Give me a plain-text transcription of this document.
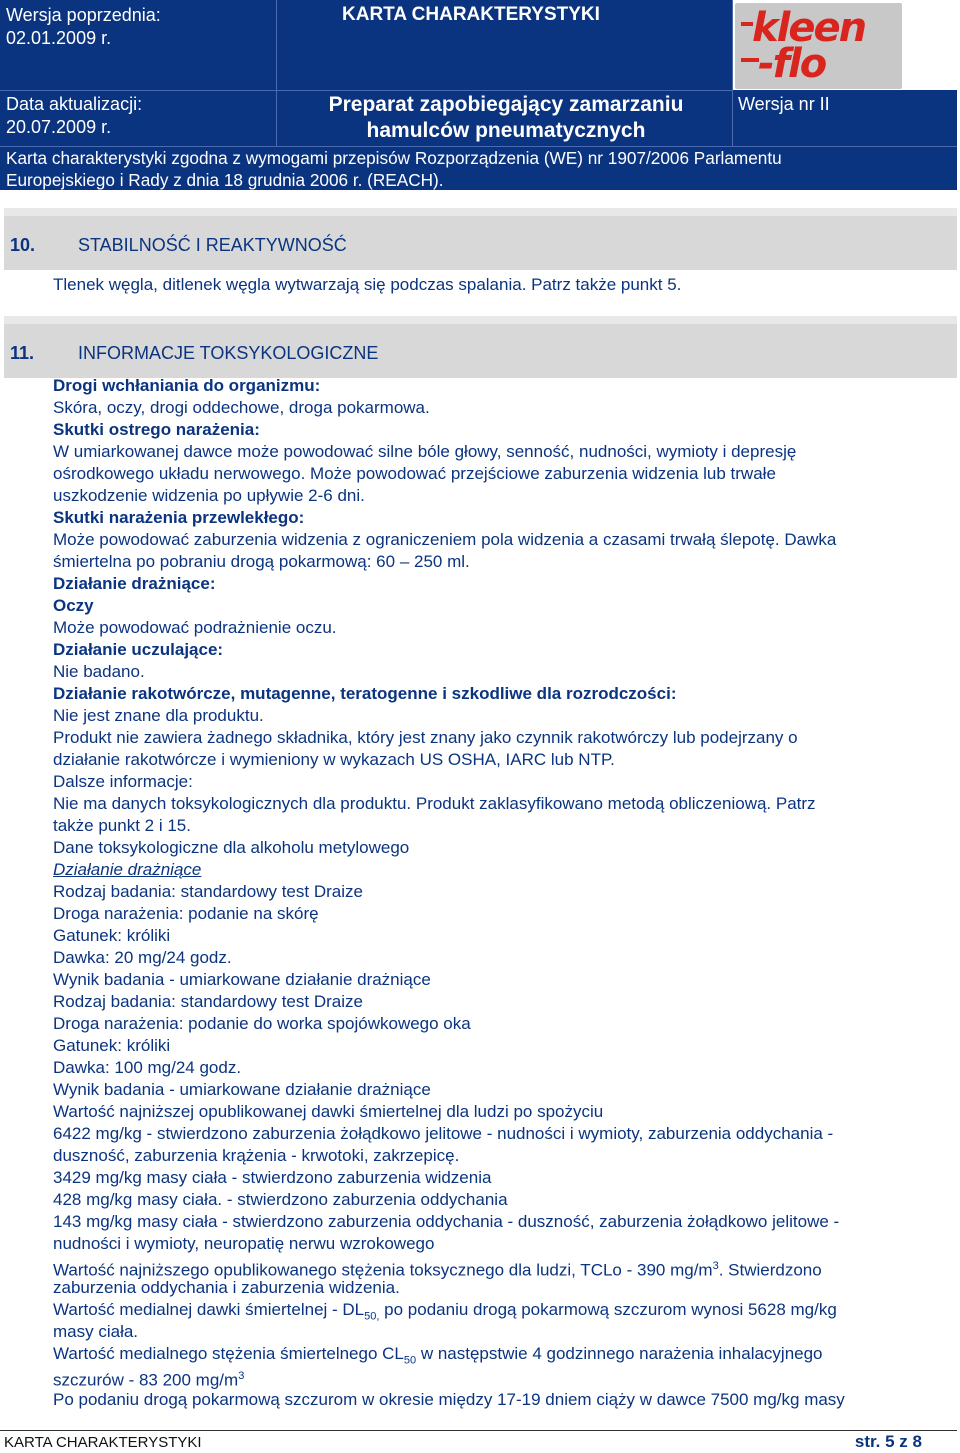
Wersja poprzednia:
02.01.2009 r.
KARTA CHARAKTERYSTYKI	kleen
-flo
Data aktualizacji:
20.07.2009 r.
Preparat zapobiegający zamarzaniu
hamulców pneumatycznych
Wersja nr II
Karta charakterystyki zgodna z wymogami przepisów Rozporządzenia (WE) nr 1907/2006 Parlamentu
Europejskiego i Rady z dnia 18 grudnia 2006 r. (REACH).
10. STABILNOŚĆ I REAKTYWNOŚĆ
Tlenek węgla, ditlenek węgla wytwarzają się podczas spalania. Patrz także punkt 5.
11. INFORMACJE TOKSYKOLOGICZNE
Drogi wchłaniania do organizmu:
Skóra, oczy, drogi oddechowe, droga pokarmowa.
Skutki ostrego narażenia:
W umiarkowanej dawce może powodować silne bóle głowy, senność, nudności, wymioty i depresję
ośrodkowego układu nerwowego. Może powodować przejściowe zaburzenia widzenia lub trwałe
uszkodzenie widzenia po upływie 2-6 dni.
Skutki narażenia przewlekłego:
Może powodować zaburzenia widzenia z ograniczeniem pola widzenia a czasami trwałą ślepotę. Dawka
śmiertelna po pobraniu drogą pokarmową: 60 – 250 ml.
Działanie drażniące:
Oczy
Może powodować podrażnienie oczu.
Działanie uczulające:
Nie badano.
Działanie rakotwórcze, mutagenne, teratogenne i szkodliwe dla rozrodczości:
Nie jest znane dla produktu.
Produkt nie zawiera żadnego składnika, który jest znany jako czynnik rakotwórczy lub podejrzany o
działanie rakotwórcze i wymieniony w wykazach US OSHA, IARC lub NTP.
Dalsze informacje:
Nie ma danych toksykologicznych dla produktu. Produkt zaklasyfikowano metodą obliczeniową. Patrz
także punkt 2 i 15.
Dane toksykologiczne dla alkoholu metylowego
Działanie drażniące
Rodzaj badania: standardowy test Draize
Droga narażenia: podanie na skórę
Gatunek: króliki
Dawka: 20 mg/24 godz.
Wynik badania - umiarkowane działanie drażniące
Rodzaj badania: standardowy test Draize
Droga narażenia: podanie do worka spojówkowego oka
Gatunek: króliki
Dawka: 100 mg/24 godz.
Wynik badania - umiarkowane działanie drażniące
Wartość najniższej opublikowanej dawki śmiertelnej dla ludzi po spożyciu
6422 mg/kg - stwierdzono zaburzenia żołądkowo jelitowe - nudności i wymioty, zaburzenia oddychania -
duszność, zaburzenia krążenia - krwotoki, zakrzepicę.
3429 mg/kg masy ciała - stwierdzono zaburzenia widzenia
428 mg/kg masy ciała. - stwierdzono zaburzenia oddychania
143 mg/kg masy ciała - stwierdzono zaburzenia oddychania - duszność, zaburzenia żołądkowo jelitowe -
nudności i wymioty, neuropatię nerwu wzrokowego
Wartość najniższego opublikowanego stężenia toksycznego dla ludzi, TCLo - 390 $mg/m^3$. Stwierdzono
zaburzenia oddychania i zaburzenia widzenia.
Wartość medialnej dawki śmiertelnej - $DL_{50,}$ po podaniu drogą pokarmową szczurom wynosi 5628 mg/kg
masy ciała.
Wartość medialnego stężenia śmiertelnego $CL_{50}$ w następstwie 4 godzinnego narażenia inhalacyjnego
szczurów - 83 200 $mg/m^3$
Po podaniu drogą pokarmową szczurom w okresie między 17-19 dniem ciąży w dawce 7500 mg/kg masy
KARTA CHARAKTERYSTYKI	str. 5 z 8
